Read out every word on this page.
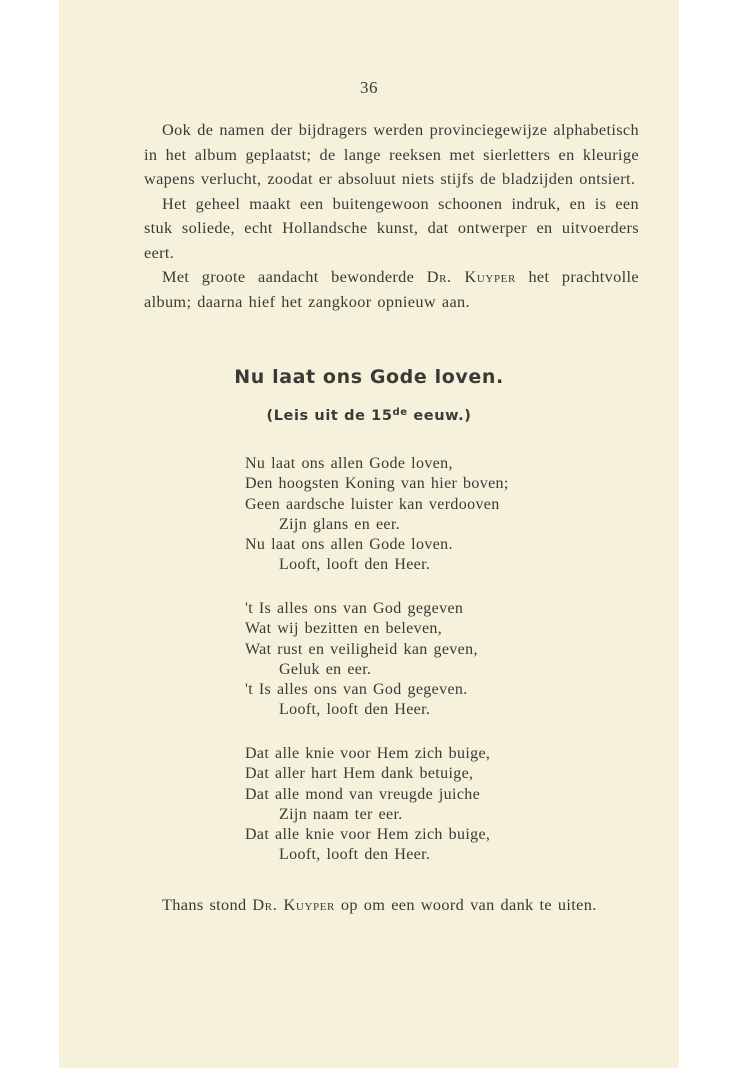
36

Ook de namen der bijdragers werden provinciegewijze alphabetisch in het album geplaatst; de lange reeksen met sierletters en kleurige wapens verlucht, zoodat er absoluut niets stijfs de bladzijden ontsiert.

Het geheel maakt een buitengewoon schoonen indruk, en is een stuk soliede, echt Hollandsche kunst, dat ontwerper en uitvoerders eert.

Met groote aandacht bewonderde Dr. Kuyper het prachtvolle album; daarna hief het zangkoor opnieuw aan.

Nu laat ons Gode loven.
(Leis uit de 15de eeuw.)
Nu laat ons allen Gode loven,
Den hoogsten Koning van hier boven;
Geen aardsche luister kan verdooven
Zijn glans en eer.
Nu laat ons allen Gode loven.
Looft, looft den Heer.
't Is alles ons van God gegeven
Wat wij bezitten en beleven,
Wat rust en veiligheid kan geven,
Geluk en eer.
't Is alles ons van God gegeven.
Looft, looft den Heer.
Dat alle knie voor Hem zich buige,
Dat aller hart Hem dank betuige,
Dat alle mond van vreugde juiche
Zijn naam ter eer.
Dat alle knie voor Hem zich buige,
Looft, looft den Heer.

Thans stond Dr. Kuyper op om een woord van dank te uiten.
